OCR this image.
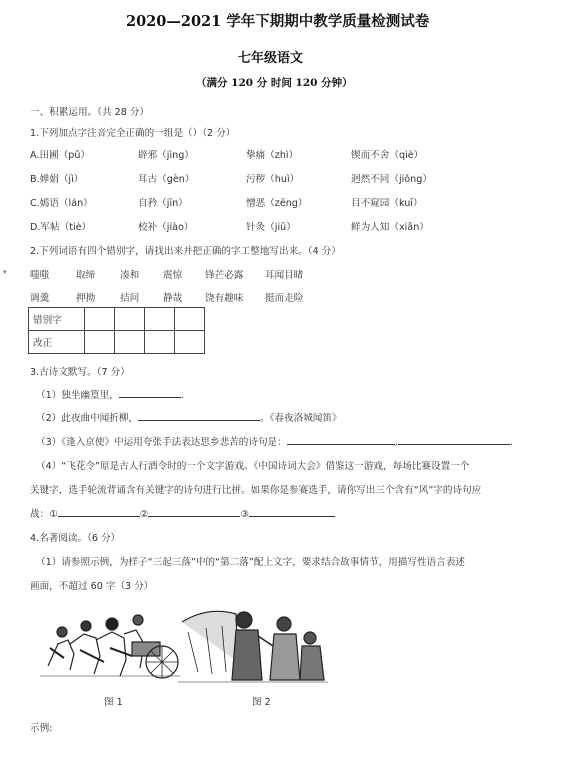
2020—2021 学年下期期中教学质量检测试卷
七年级语文
（满分 120 分 时间 120 分钟）
一、积累运用。（共 28 分）
1.下列加点字注音完全正确的一组是（）（2 分）
A.田圃（pǔ）	辟邪（jìng）	挚痛（zhì）	锲而不舍（qiè）
B.婵娟（jì）	耳古（gèn）	污秽（huì）	迥然不同（jiǒng）
C.嫣语（lán）	自矜（jīn）	憎恶（zēng）	目不窥园（kuī）
D.军帖（tiè）	校补（jiào）	针灸（jiū）	鲜为人知（xiǎn）
2.下列词语有四个错别字，请找出来并把正确的字工整地写出来。（4 分）
▾ 嗤嗤	取缔	凑和 震惊 锋芒必露 耳闻目睹
调羹	押拗	拮问 静哉 饶有趣味 挺而走险
错别字				
改正				
3.古诗文默写。（7 分）
（1）独坐幽篁里，	.
（2）此夜曲中闻折柳，	。《春夜洛城闻笛》
（3）《逢入京使》中运用夸张手法表达思乡悲苦的诗句是：	,	.
（4）“飞花令”原是古人行酒令时的一个文字游戏。《中国诗词大会》借鉴这一游戏，每场比赛设置一个
关键字，选手轮流背诵含有关键字的诗句进行比拼。如果你是参赛选手，请你写出三个含有“风”字的诗句应
战：①	②	③
4.名著阅读。（6 分）
（1）请参照示例，为样子“三起三落”中的“第二落”配上文字，要求结合故事情节，用描写性语言表述
画面，不超过 60 字（3 分）
图 1	图 2
示例:
